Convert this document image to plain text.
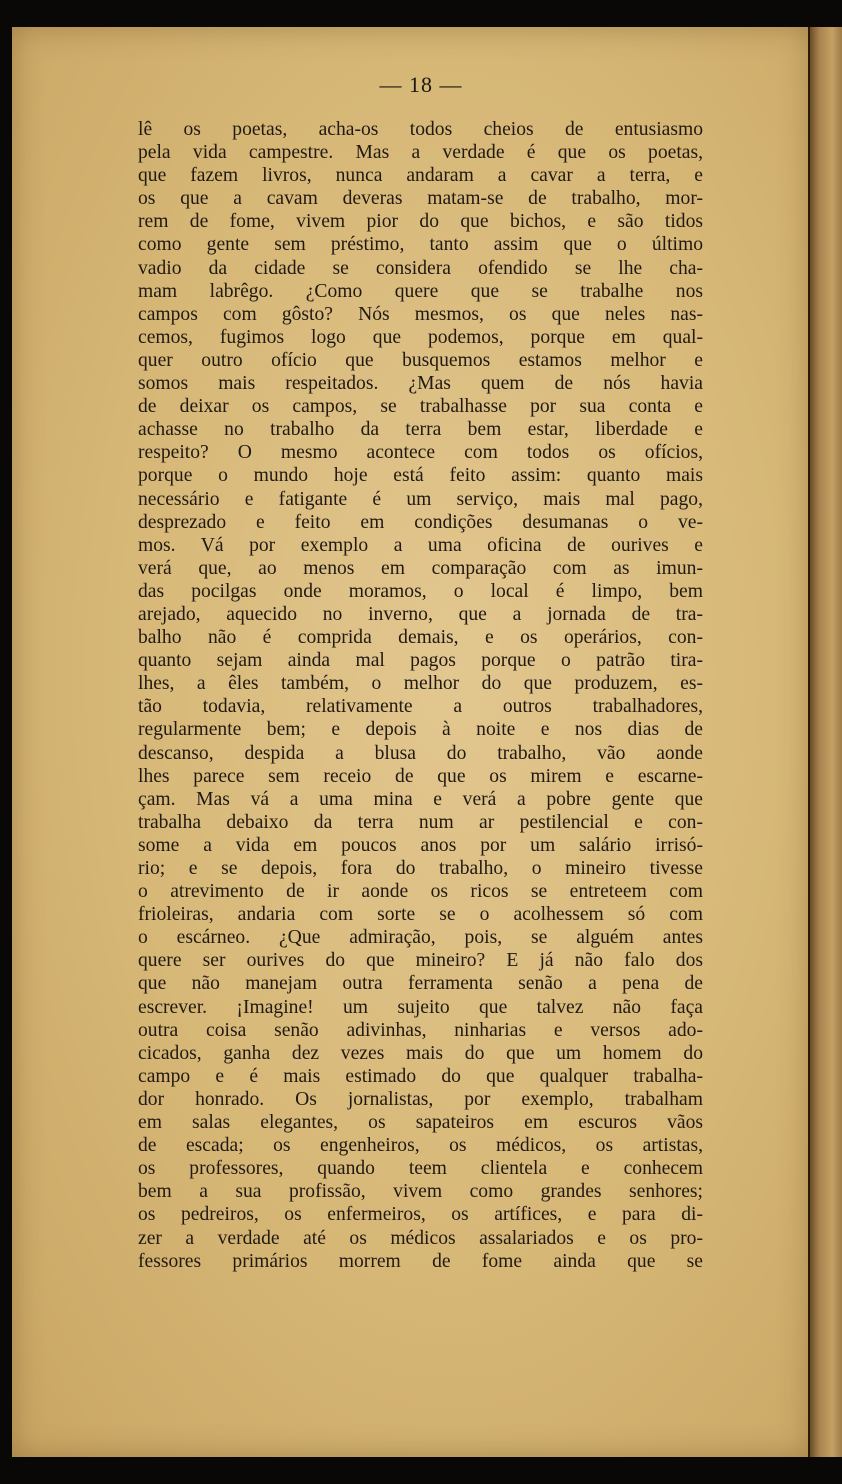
— 18 —
lê os poetas, acha-os todos cheios de entusiasmo
pela vida campestre. Mas a verdade é que os poetas,
que fazem livros, nunca andaram a cavar a terra, e
os que a cavam deveras matam-se de trabalho, mor-
rem de fome, vivem pior do que bichos, e são tidos
como gente sem préstimo, tanto assim que o último
vadio da cidade se considera ofendido se lhe cha-
mam labrêgo. ¿Como quere que se trabalhe nos
campos com gôsto? Nós mesmos, os que neles nas-
cemos, fugimos logo que podemos, porque em qual-
quer outro ofício que busquemos estamos melhor e
somos mais respeitados. ¿Mas quem de nós havia
de deixar os campos, se trabalhasse por sua conta e
achasse no trabalho da terra bem estar, liberdade e
respeito? O mesmo acontece com todos os ofícios,
porque o mundo hoje está feito assim: quanto mais
necessário e fatigante é um serviço, mais mal pago,
desprezado e feito em condições desumanas o ve-
mos. Vá por exemplo a uma oficina de ourives e
verá que, ao menos em comparação com as imun-
das pocilgas onde moramos, o local é limpo, bem
arejado, aquecido no inverno, que a jornada de tra-
balho não é comprida demais, e os operários, con-
quanto sejam ainda mal pagos porque o patrão tira-
lhes, a êles também, o melhor do que produzem, es-
tão todavia, relativamente a outros trabalhadores,
regularmente bem; e depois à noite e nos dias de
descanso, despida a blusa do trabalho, vão aonde
lhes parece sem receio de que os mirem e escarne-
çam. Mas vá a uma mina e verá a pobre gente que
trabalha debaixo da terra num ar pestilencial e con-
some a vida em poucos anos por um salário irrisó-
rio; e se depois, fora do trabalho, o mineiro tivesse
o atrevimento de ir aonde os ricos se entreteem com
frioleiras, andaria com sorte se o acolhessem só com
o escárneo. ¿Que admiração, pois, se alguém antes
quere ser ourives do que mineiro? E já não falo dos
que não manejam outra ferramenta senão a pena de
escrever. ¡Imagine! um sujeito que talvez não faça
outra coisa senão adivinhas, ninharias e versos ado-
cicados, ganha dez vezes mais do que um homem do
campo e é mais estimado do que qualquer trabalha-
dor honrado. Os jornalistas, por exemplo, trabalham
em salas elegantes, os sapateiros em escuros vãos
de escada; os engenheiros, os médicos, os artistas,
os professores, quando teem clientela e conhecem
bem a sua profissão, vivem como grandes senhores;
os pedreiros, os enfermeiros, os artífices, e para di-
zer a verdade até os médicos assalariados e os pro-
fessores primários morrem de fome ainda que se
